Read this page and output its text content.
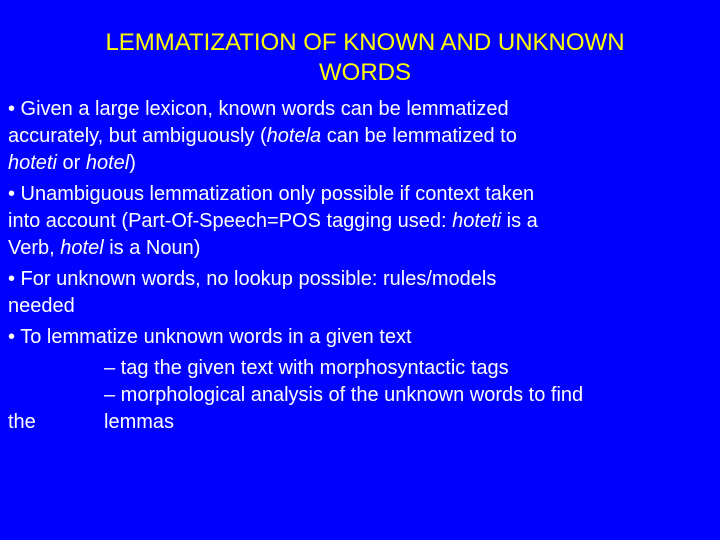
LEMMATIZATION OF KNOWN AND UNKNOWN
WORDS
• Given a large lexicon, known words can be lemmatized
accurately, but ambiguously (hotela can be lemmatized to
hoteti or hotel)
• Unambiguous lemmatization only possible if context taken
into account (Part-Of-Speech=POS tagging used: hoteti is a
Verb, hotel is a Noun)
• For unknown words, no lookup possible: rules/models
needed
• To lemmatize unknown words in a given text
– tag the given text with morphosyntactic tags
– morphological analysis of the unknown words to find
the	lemmas
